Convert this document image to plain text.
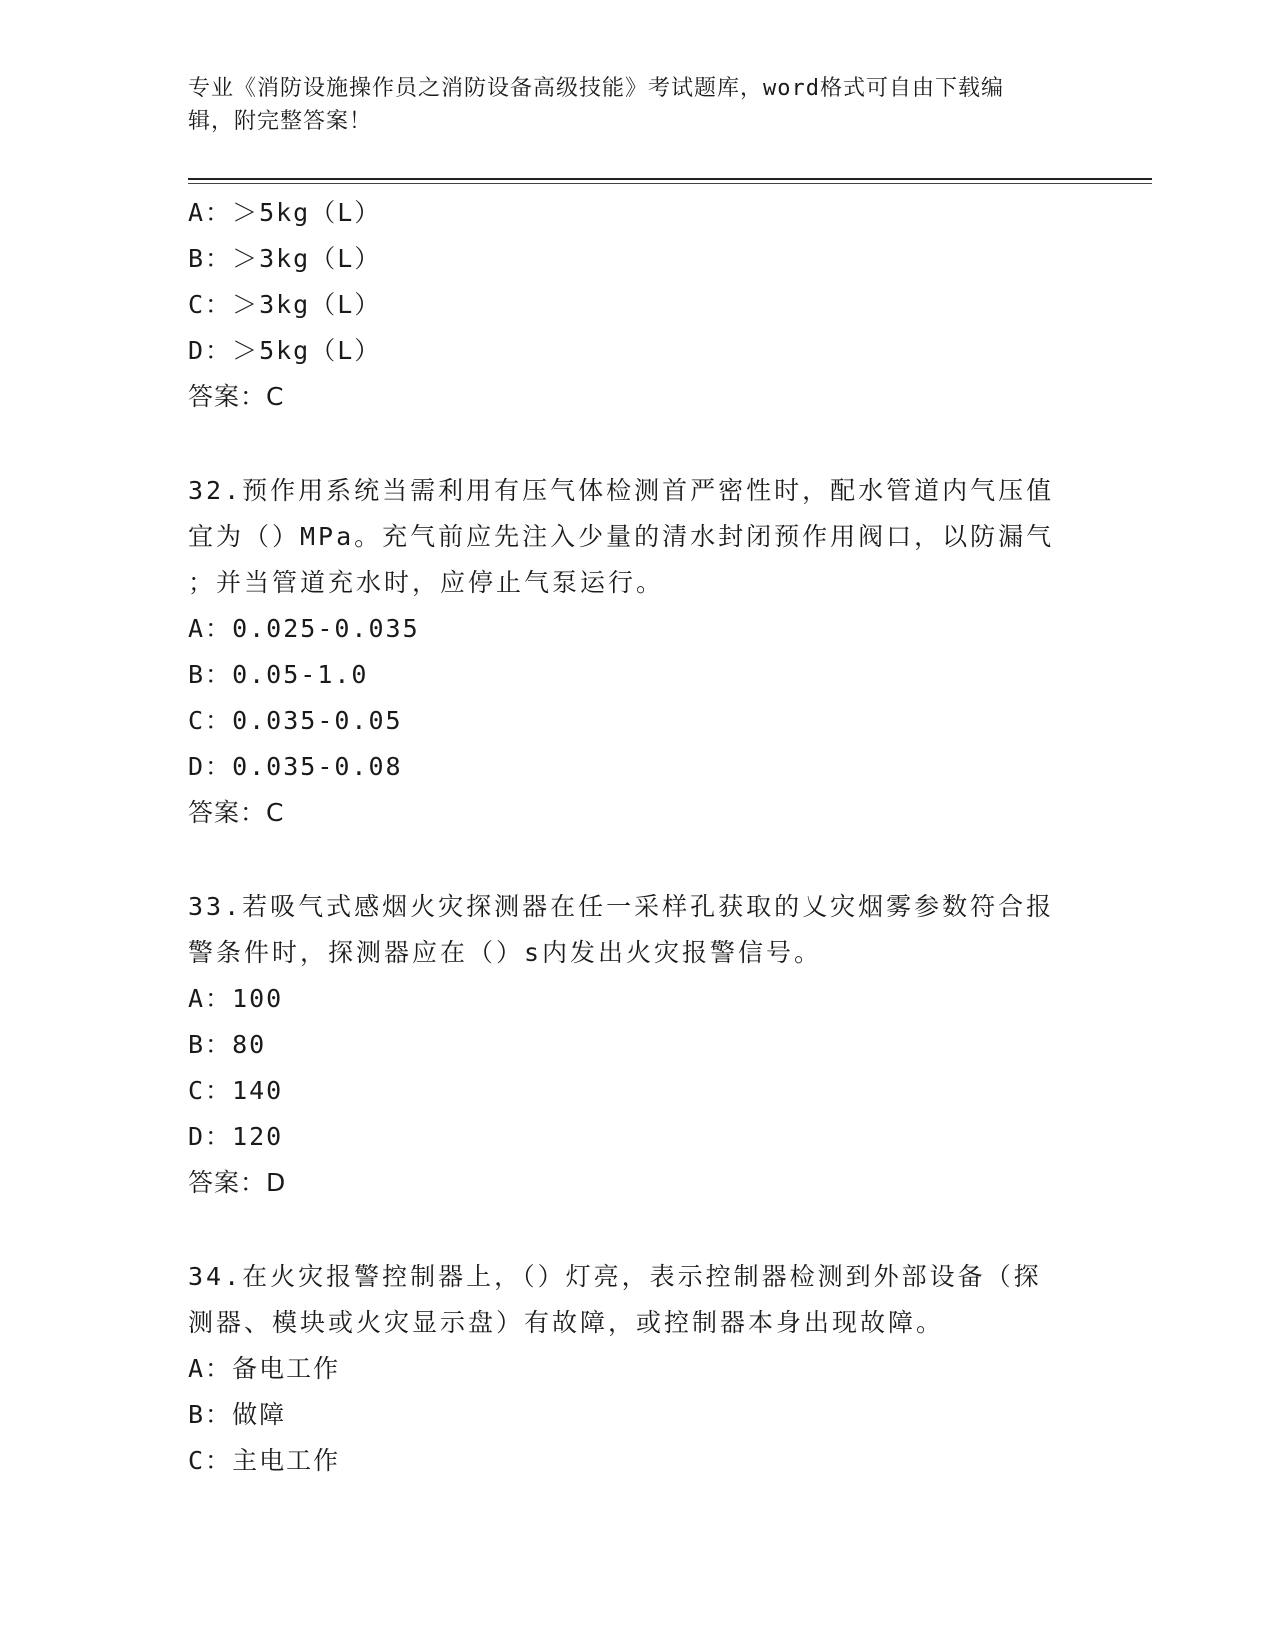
专业《消防设施操作员之消防设备高级技能》考试题库，word格式可自由下载编
辑，附完整答案！
A：＞5kg（L）
B：＞3kg（L）
C：＞3kg（L）
D：＞5kg（L）
答案：C
32.预作用系统当需利用有压气体检测首严密性时，配水管道内气压值
宜为（）MPa。充气前应先注入少量的清水封闭预作用阀口，以防漏气
；并当管道充水时，应停止气泵运行。
A：0.025-0.035
B：0.05-1.0
C：0.035-0.05
D：0.035-0.08
答案：C
33.若吸气式感烟火灾探测器在任一采样孔获取的乂灾烟雾参数符合报
警条件时，探测器应在（）s内发出火灾报警信号。
A：100
B：80
C：140
D：120
答案：D
34.在火灾报警控制器上，（）灯亮，表示控制器检测到外部设备（探
测器、模块或火灾显示盘）有故障，或控制器本身出现故障。
A：备电工作
B：做障
C：主电工作
